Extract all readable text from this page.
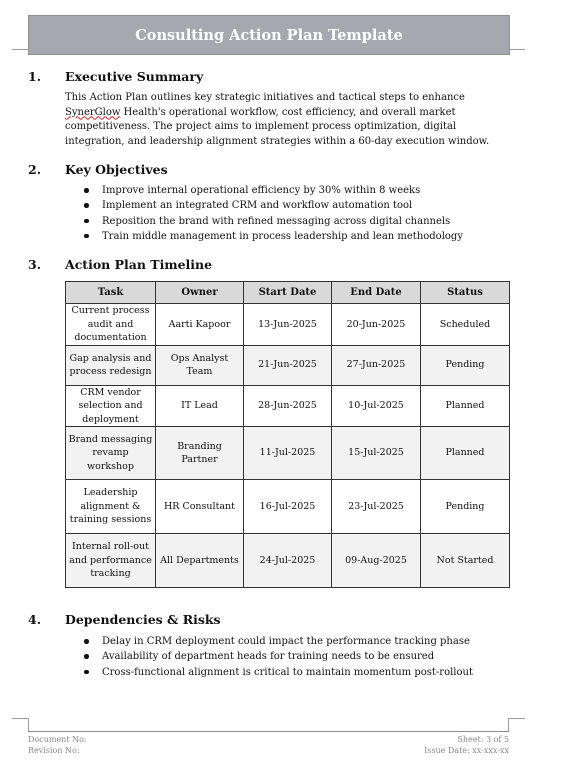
Consulting Action Plan Template
1. Executive Summary
This Action Plan outlines key strategic initiatives and tactical steps to enhance SynerGlow Health's operational workflow, cost efficiency, and overall market competitiveness. The project aims to implement process optimization, digital integration, and leadership alignment strategies within a 60-day execution window.
2. Key Objectives
Improve internal operational efficiency by 30% within 8 weeks
Implement an integrated CRM and workflow automation tool
Reposition the brand with refined messaging across digital channels
Train middle management in process leadership and lean methodology
3. Action Plan Timeline
Task	Owner	Start Date	End Date	Status
Current process audit and documentation	Aarti Kapoor	13-Jun-2025	20-Jun-2025	Scheduled
Gap analysis and process redesign	Ops Analyst Team	21-Jun-2025	27-Jun-2025	Pending
CRM vendor selection and deployment	IT Lead	28-Jun-2025	10-Jul-2025	Planned
Brand messaging revamp workshop	Branding Partner	11-Jul-2025	15-Jul-2025	Planned
Leadership alignment & training sessions	HR Consultant	16-Jul-2025	23-Jul-2025	Pending
Internal roll-out and performance tracking	All Departments	24-Jul-2025	09-Aug-2025	Not Started
4. Dependencies & Risks
Delay in CRM deployment could impact the performance tracking phase
Availability of department heads for training needs to be ensured
Cross-functional alignment is critical to maintain momentum post-rollout
Document No:
Revision No:
Sheet: 3 of 5
Issue Date: xx-xxx-xx
